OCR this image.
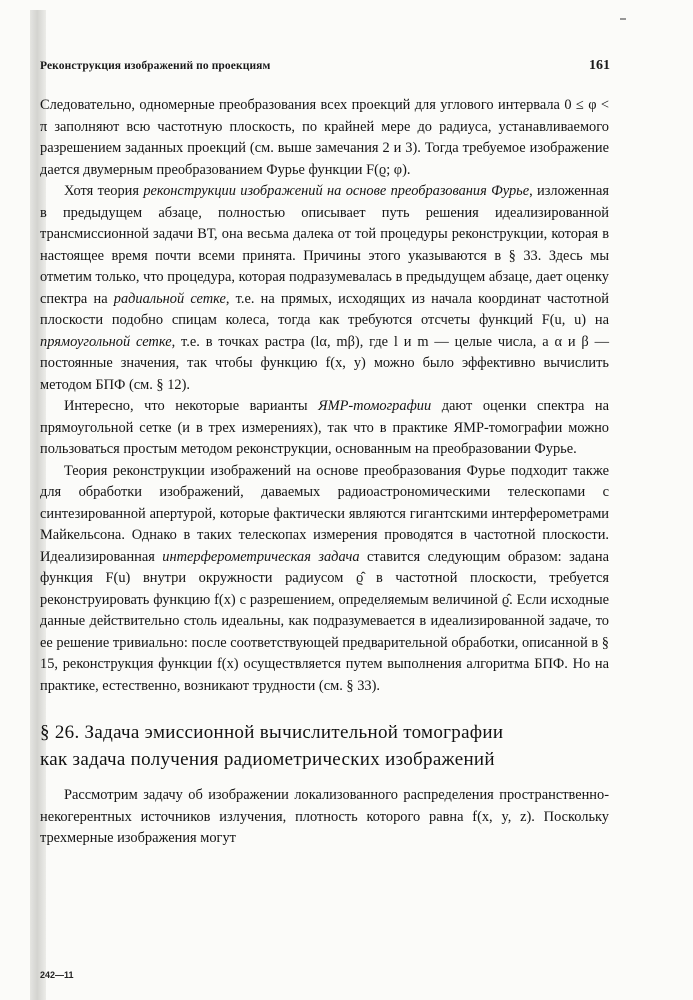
Реконструкция изображений по проекциям	161

Следовательно, одномерные преобразования всех проекций для углового интервала 0 ≤ φ < π заполняют всю частотную плоскость, по крайней мере до радиуса, устанавливаемого разрешением заданных проекций (см. выше замечания 2 и 3). Тогда требуемое изображение дается двумерным преобразованием Фурье функции F(ϱ; φ).

Хотя теория реконструкции изображений на основе преобразования Фурье, изложенная в предыдущем абзаце, полностью описывает путь решения идеализированной трансмиссионной задачи ВТ, она весьма далека от той процедуры реконструкции, которая в настоящее время почти всеми принята. Причины этого указываются в § 33. Здесь мы отметим только, что процедура, которая подразумевалась в предыдущем абзаце, дает оценку спектра на радиальной сетке, т.е. на прямых, исходящих из начала координат частотной плоскости подобно спицам колеса, тогда как требуются отсчеты функций F(u, u) на прямоугольной сетке, т.е. в точках растра (lα, mβ), где l и m — целые числа, а α и β — постоянные значения, так чтобы функцию f(x, y) можно было эффективно вычислить методом БПФ (см. § 12).

Интересно, что некоторые варианты ЯМР-томографии дают оценки спектра на прямоугольной сетке (и в трех измерениях), так что в практике ЯМР-томографии можно пользоваться простым методом реконструкции, основанным на преобразовании Фурье.

Теория реконструкции изображений на основе преобразования Фурье подходит также для обработки изображений, даваемых радиоастрономическими телескопами с синтезированной апертурой, которые фактически являются гигантскими интерферометрами Майкельсона. Однако в таких телескопах измерения проводятся в частотной плоскости. Идеализированная интерферометрическая задача ставится следующим образом: задана функция F(u) внутри окружности радиусом ϱ̂ в частотной плоскости, требуется реконструировать функцию f(x) с разрешением, определяемым величиной ϱ̂. Если исходные данные действительно столь идеальны, как подразумевается в идеализированной задаче, то ее решение тривиально: после соответствующей предварительной обработки, описанной в § 15, реконструкция функции f(x) осуществляется путем выполнения алгоритма БПФ. Но на практике, естественно, возникают трудности (см. § 33).

§ 26. Задача эмиссионной вычислительной томографии
как задача получения радиометрических изображений

Рассмотрим задачу об изображении локализованного распределения пространственно-некогерентных источников излучения, плотность которого равна f(x, y, z). Поскольку трехмерные изображения могут

242—11
